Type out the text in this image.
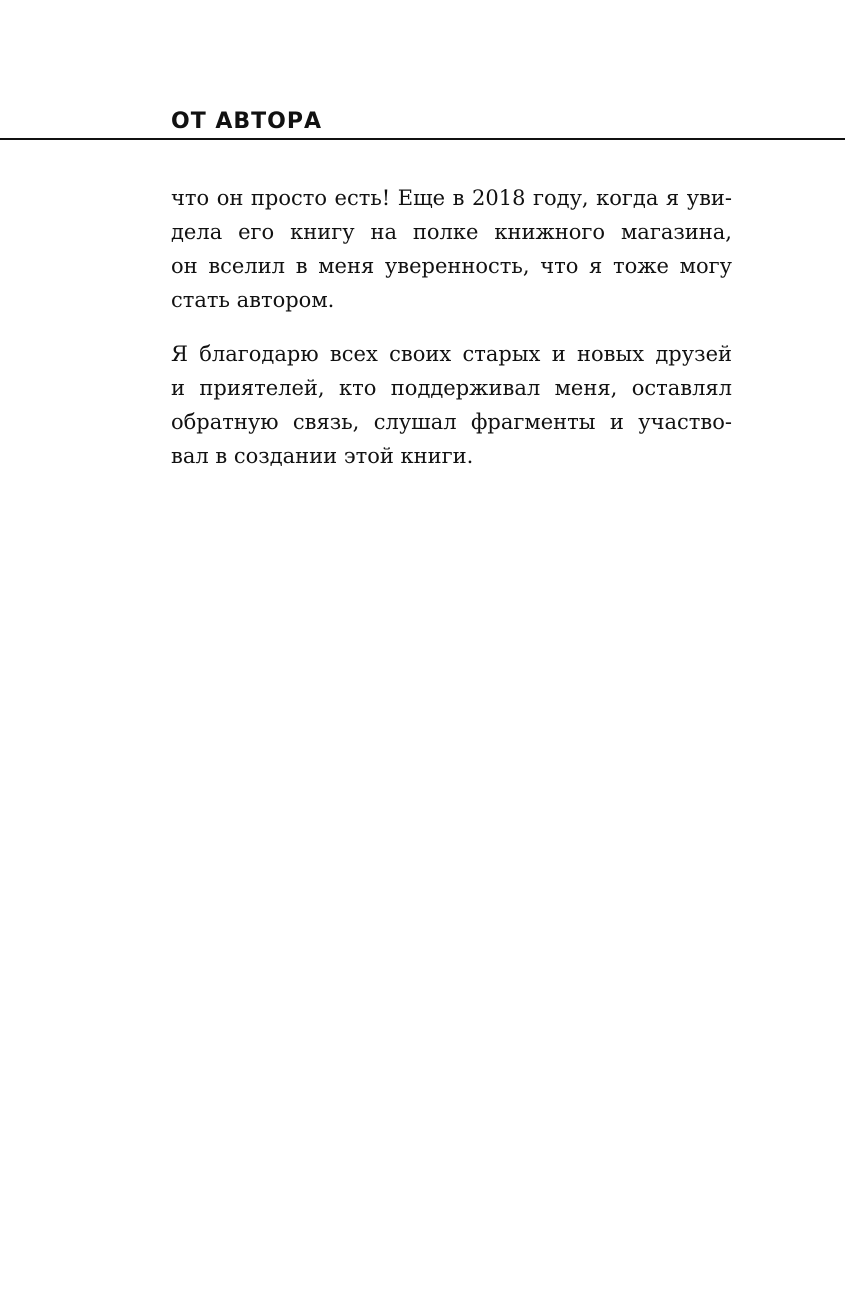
ОТ АВТОРА

что он просто есть! Еще в 2018 году, когда я уви-
дела его книгу на полке книжного магазина,
он вселил в меня уверенность, что я тоже могу
стать автором.

Я благодарю всех своих старых и новых друзей
и приятелей, кто поддерживал меня, оставлял
обратную связь, слушал фрагменты и участво-
вал в создании этой книги.
